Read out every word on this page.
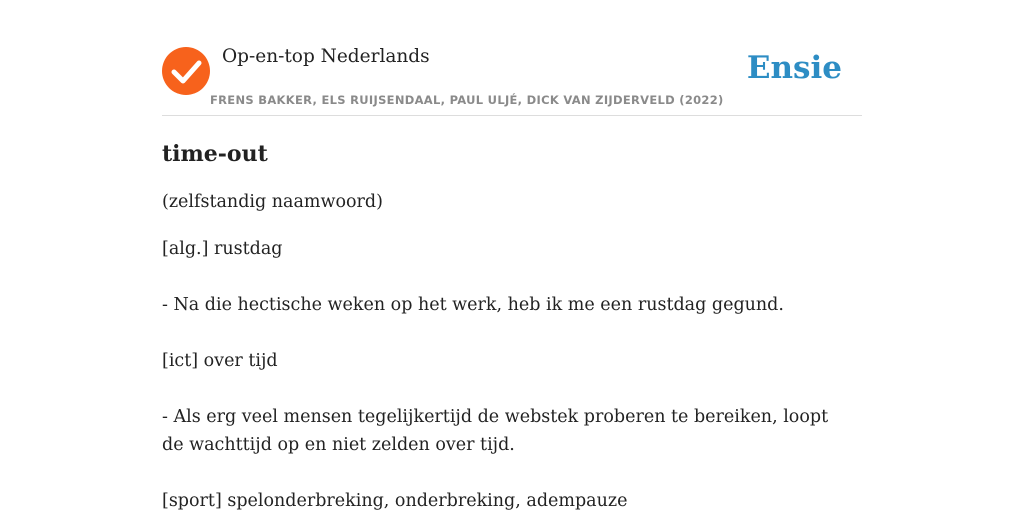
Op-en-top Nederlands
FRENS BAKKER, ELS RUIJSENDAAL, PAUL ULJÉ, DICK VAN ZIJDERVELD (2022)
Ensie
time-out

(zelfstandig naamwoord)

[alg.] rustdag

- Na die hectische weken op het werk, heb ik me een rustdag gegund.

[ict] over tijd

- Als erg veel mensen tegelijkertijd de webstek proberen te bereiken, loopt de wachttijd op en niet zelden over tijd.

[sport] spelonderbreking, onderbreking, adempauze
